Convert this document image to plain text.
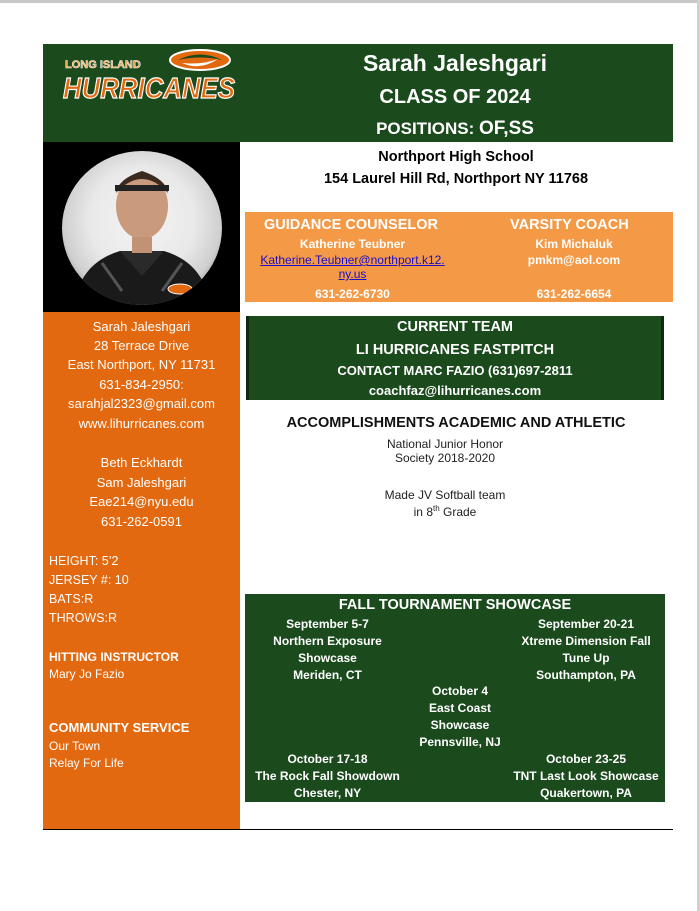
LONG ISLAND
HURRICANES
Sarah Jaleshgari
CLASS OF 2024
POSITIONS: OF,SS
Sarah Jaleshgari
28 Terrace Drive
East Northport, NY 11731
631-834-2950:
sarahjal2323@gmail.com
www.lihurricanes.com
Beth Eckhardt
Sam Jaleshgari
Eae214@nyu.edu
631-262-0591
HEIGHT: 5’2
JERSEY #: 10
BATS:R
THROWS:R
HITTING INSTRUCTOR
Mary Jo Fazio
COMMUNITY SERVICE
Our Town
Relay For Life
Northport High School
154 Laurel Hill Rd, Northport NY 11768
GUIDANCE COUNSELOR
Katherine Teubner
Katherine.Teubner@northport.k12.
ny.us
631-262-6730
VARSITY COACH
Kim Michaluk
pmkm@aol.com
631-262-6654
CURRENT TEAM
LI HURRICANES FASTPITCH
CONTACT MARC FAZIO (631)697-2811
coachfaz@lihurricanes.com
ACCOMPLISHMENTS ACADEMIC AND ATHLETIC
National Junior Honor
Society 2018-2020
Made JV Softball team
in 8th Grade
FALL TOURNAMENT SHOWCASE
September 5-7
Northern Exposure
Showcase
Meriden, CT
September 20-21
Xtreme Dimension Fall
Tune Up
Southampton, PA
October 4
East Coast
Showcase
Pennsville, NJ
October 17-18
The Rock Fall Showdown
Chester, NY
October 23-25
TNT Last Look Showcase
Quakertown, PA
